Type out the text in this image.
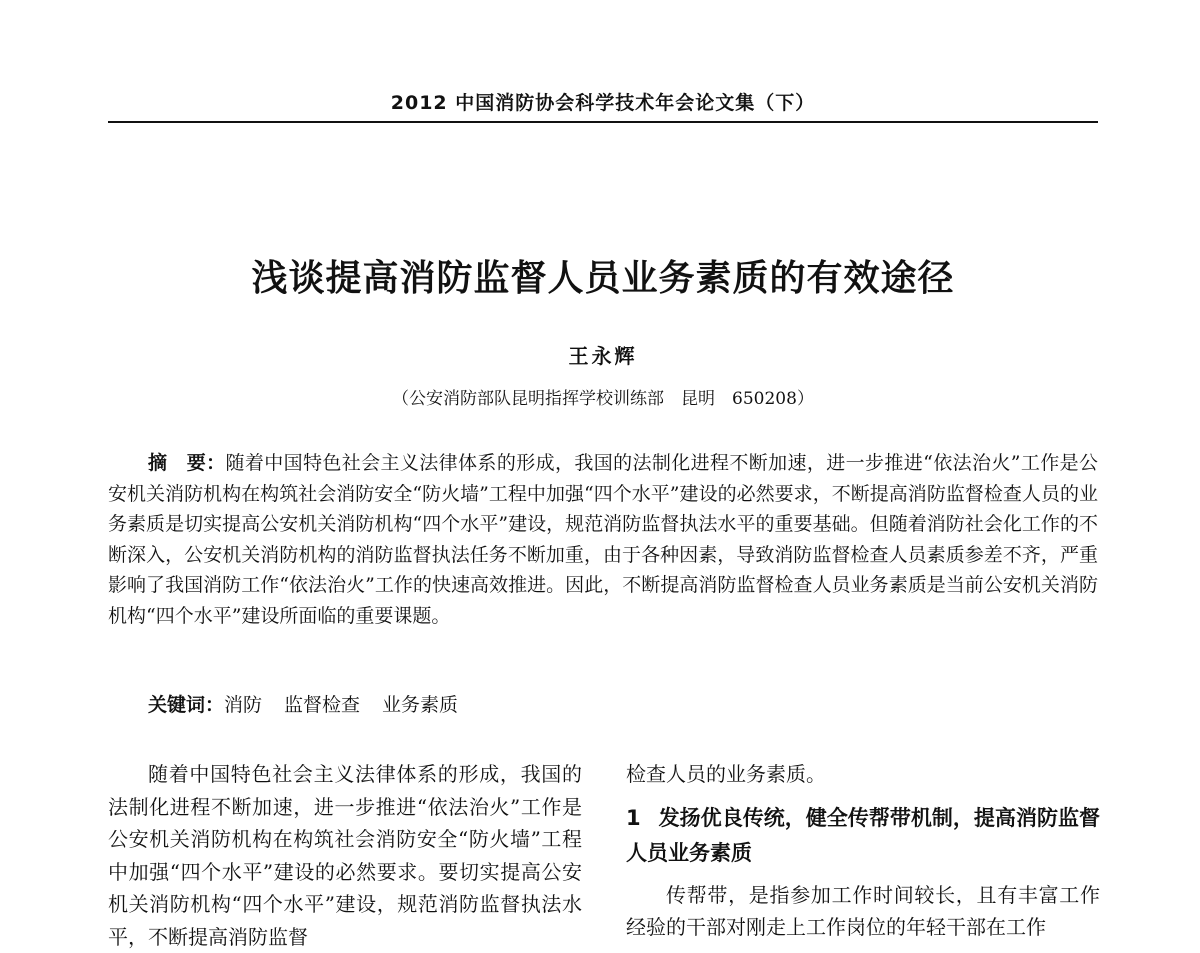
2012 中国消防协会科学技术年会论文集（下）
浅谈提高消防监督人员业务素质的有效途径
王永辉
（公安消防部队昆明指挥学校训练部　昆明　650208）

摘　要：随着中国特色社会主义法律体系的形成，我国的法制化进程不断加速，进一步推进“依法治火”工作是公安机关消防机构在构筑社会消防安全“防火墙”工程中加强“四个水平”建设的必然要求，不断提高消防监督检查人员的业务素质是切实提高公安机关消防机构“四个水平”建设，规范消防监督执法水平的重要基础。但随着消防社会化工作的不断深入，公安机关消防机构的消防监督执法任务不断加重，由于各种因素，导致消防监督检查人员素质参差不齐，严重影响了我国消防工作“依法治火”工作的快速高效推进。因此，不断提高消防监督检查人员业务素质是当前公安机关消防机构“四个水平”建设所面临的重要课题。

关键词：消防 监督检查 业务素质

随着中国特色社会主义法律体系的形成，我国的法制化进程不断加速，进一步推进“依法治火”工作是公安机关消防机构在构筑社会消防安全“防火墙”工程中加强“四个水平”建设的必然要求。要切实提高公安机关消防机构“四个水平”建设，规范消防监督执法水平，不断提高消防监督

检查人员的业务素质。

1 发扬优良传统，健全传帮带机制，提高消防监督人员业务素质

传帮带，是指参加工作时间较长，且有丰富工作经验的干部对刚走上工作岗位的年轻干部在工作
